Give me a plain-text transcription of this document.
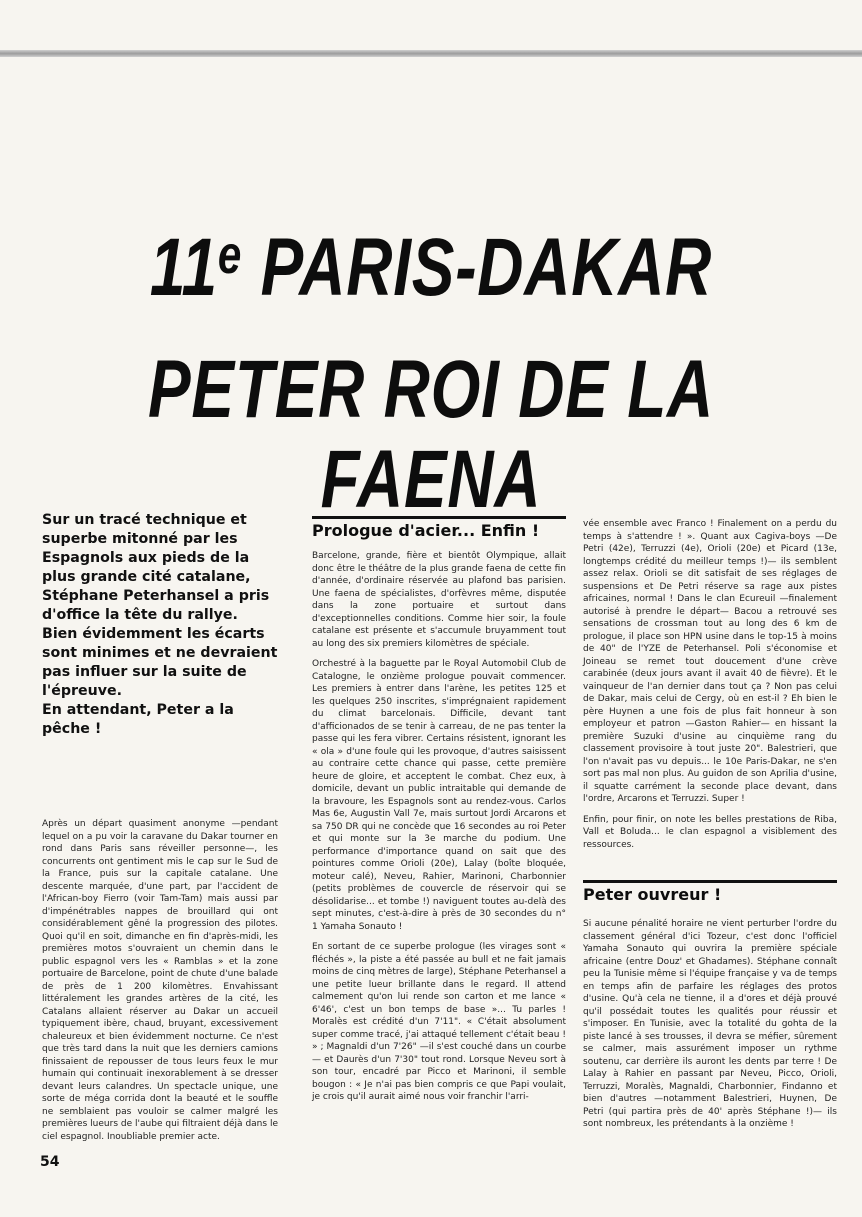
11e PARIS-DAKAR
PETER ROI DE LA FAENA

Sur un tracé technique et superbe mitonné par les Espagnols aux pieds de la plus grande cité catalane, Stéphane Peterhansel a pris d'office la tête du rallye. Bien évidemment les écarts sont minimes et ne devraient pas influer sur la suite de l'épreuve.

En attendant, Peter a la pêche !

Après un départ quasiment anonyme —pendant lequel on a pu voir la caravane du Dakar tourner en rond dans Paris sans réveiller personne—, les concurrents ont gentiment mis le cap sur le Sud de la France, puis sur la capitale catalane. Une descente marquée, d'une part, par l'accident de l'African-boy Fierro (voir Tam-Tam) mais aussi par d'impénétrables nappes de brouillard qui ont considérablement gêné la progression des pilotes. Quoi qu'il en soit, dimanche en fin d'après-midi, les premières motos s'ouvraient un chemin dans le public espagnol vers les « Ramblas » et la zone portuaire de Barcelone, point de chute d'une balade de près de 1 200 kilomètres. Envahissant littéralement les grandes artères de la cité, les Catalans allaient réserver au Dakar un accueil typiquement ibère, chaud, bruyant, excessivement chaleureux et bien évidemment nocturne. Ce n'est que très tard dans la nuit que les derniers camions finissaient de repousser de tous leurs feux le mur humain qui continuait inexorablement à se dresser devant leurs calandres. Un spectacle unique, une sorte de méga corrida dont la beauté et le souffle ne semblaient pas vouloir se calmer malgré les premières lueurs de l'aube qui filtraient déjà dans le ciel espagnol. Inoubliable premier acte.

Prologue d'acier... Enfin !

Barcelone, grande, fière et bientôt Olympique, allait donc être le théâtre de la plus grande faena de cette fin d'année, d'ordinaire réservée au plafond bas parisien. Une faena de spécialistes, d'orfèvres même, disputée dans la zone portuaire et surtout dans d'exceptionnelles conditions. Comme hier soir, la foule catalane est présente et s'accumule bruyamment tout au long des six premiers kilomètres de spéciale.

Orchestré à la baguette par le Royal Automobil Club de Catalogne, le onzième prologue pouvait commencer. Les premiers à entrer dans l'arène, les petites 125 et les quelques 250 inscrites, s'imprégnaient rapidement du climat barcelonais. Difficile, devant tant d'afficionados de se tenir à carreau, de ne pas tenter la passe qui les fera vibrer. Certains résistent, ignorant les « ola » d'une foule qui les provoque, d'autres saisissent au contraire cette chance qui passe, cette première heure de gloire, et acceptent le combat. Chez eux, à domicile, devant un public intraitable qui demande de la bravoure, les Espagnols sont au rendez-vous. Carlos Mas 6e, Augustin Vall 7e, mais surtout Jordi Arcarons et sa 750 DR qui ne concède que 16 secondes au roi Peter et qui monte sur la 3e marche du podium. Une performance d'importance quand on sait que des pointures comme Orioli (20e), Lalay (boîte bloquée, moteur calé), Neveu, Rahier, Marinoni, Charbonnier (petits problèmes de couvercle de réservoir qui se désolidarise... et tombe !) naviguent toutes au-delà des sept minutes, c'est-à-dire à près de 30 secondes du n° 1 Yamaha Sonauto !

En sortant de ce superbe prologue (les virages sont « fléchés », la piste a été passée au bull et ne fait jamais moins de cinq mètres de large), Stéphane Peterhansel a une petite lueur brillante dans le regard. Il attend calmement qu'on lui rende son carton et me lance « 6'46', c'est un bon temps de base »... Tu parles ! Moralès est crédité d'un 7'11". « C'était absolument super comme tracé, j'ai attaqué tellement c'était beau ! » ; Magnaldi d'un 7'26" —il s'est couché dans un courbe— et Daurès d'un 7'30" tout rond. Lorsque Neveu sort à son tour, encadré par Picco et Marinoni, il semble bougon : « Je n'ai pas bien compris ce que Papi voulait, je crois qu'il aurait aimé nous voir franchir l'arri-

vée ensemble avec Franco ! Finalement on a perdu du temps à s'attendre ! ». Quant aux Cagiva-boys —De Petri (42e), Terruzzi (4e), Orioli (20e) et Picard (13e, longtemps crédité du meilleur temps !)— ils semblent assez relax. Orioli se dit satisfait de ses réglages de suspensions et De Petri réserve sa rage aux pistes africaines, normal ! Dans le clan Ecureuil —finalement autorisé à prendre le départ— Bacou a retrouvé ses sensations de crossman tout au long des 6 km de prologue, il place son HPN usine dans le top-15 à moins de 40" de l'YZE de Peterhansel. Poli s'économise et Joineau se remet tout doucement d'une crève carabinée (deux jours avant il avait 40 de fièvre). Et le vainqueur de l'an dernier dans tout ça ? Non pas celui de Dakar, mais celui de Cergy, où en est-il ? Eh bien le père Huynen a une fois de plus fait honneur à son employeur et patron —Gaston Rahier— en hissant la première Suzuki d'usine au cinquième rang du classement provisoire à tout juste 20". Balestrieri, que l'on n'avait pas vu depuis... le 10e Paris-Dakar, ne s'en sort pas mal non plus. Au guidon de son Aprilia d'usine, il squatte carrément la seconde place devant, dans l'ordre, Arcarons et Terruzzi. Super !

Enfin, pour finir, on note les belles prestations de Riba, Vall et Boluda... le clan espagnol a visiblement des ressources.

Peter ouvreur !

Si aucune pénalité horaire ne vient perturber l'ordre du classement général d'ici Tozeur, c'est donc l'officiel Yamaha Sonauto qui ouvrira la première spéciale africaine (entre Douz' et Ghadames). Stéphane connaît peu la Tunisie même si l'équipe française y va de temps en temps afin de parfaire les réglages des protos d'usine. Qu'à cela ne tienne, il a d'ores et déjà prouvé qu'il possédait toutes les qualités pour réussir et s'imposer. En Tunisie, avec la totalité du gohta de la piste lancé à ses trousses, il devra se méfier, sûrement se calmer, mais assurément imposer un rythme soutenu, car derrière ils auront les dents par terre ! De Lalay à Rahier en passant par Neveu, Picco, Orioli, Terruzzi, Moralès, Magnaldi, Charbonnier, Findanno et bien d'autres —notamment Balestrieri, Huynen, De Petri (qui partira près de 40' après Stéphane !)— ils sont nombreux, les prétendants à la onzième !

54
